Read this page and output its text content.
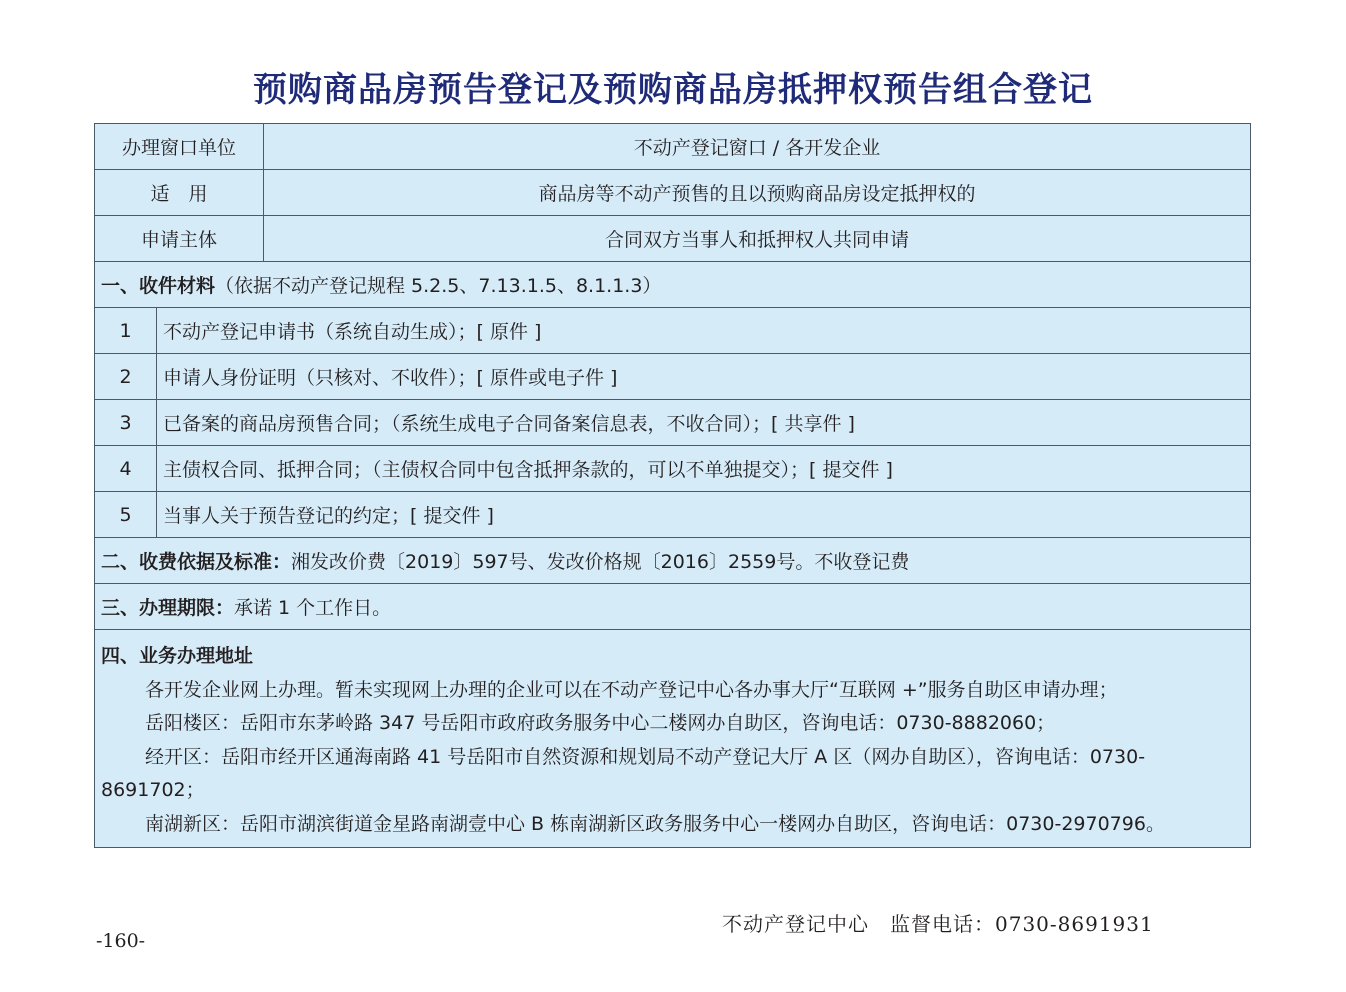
预购商品房预告登记及预购商品房抵押权预告组合登记
办理窗口单位	不动产登记窗口 / 各开发企业
适　用	商品房等不动产预售的且以预购商品房设定抵押权的
申请主体	合同双方当事人和抵押权人共同申请
一、收件材料 （依据不动产登记规程 5.2.5、7.13.1.5、8.1.1.3）
1	不动产登记申请书（系统自动生成）；[ 原件 ]
2	申请人身份证明（只核对、不收件）；[ 原件或电子件 ]
3	已备案的商品房预售合同；（系统生成电子合同备案信息表，不收合同）；[ 共享件 ]
4	主债权合同、抵押合同；（主债权合同中包含抵押条款的，可以不单独提交）；[ 提交件 ]
5	当事人关于预告登记的约定；[ 提交件 ]
二、收费依据及标准： 湘发改价费〔2019〕597号、发改价格规〔2016〕2559号。不收登记费
三、办理期限： 承诺 1 个工作日。
四、业务办理地址
各开发企业网上办理。暂未实现网上办理的企业可以在不动产登记中心各办事大厅“互联网 +”服务自助区申请办理；
岳阳楼区：岳阳市东茅岭路 347 号岳阳市政府政务服务中心二楼网办自助区，咨询电话：0730-8882060；
经开区：岳阳市经开区通海南路 41 号岳阳市自然资源和规划局不动产登记大厅 A 区（网办自助区），咨询电话：0730-8691702；
南湖新区：岳阳市湖滨街道金星路南湖壹中心 B 栋南湖新区政务服务中心一楼网办自助区，咨询电话：0730-2970796。
不动产登记中心　监督电话：0730-8691931
-160-
